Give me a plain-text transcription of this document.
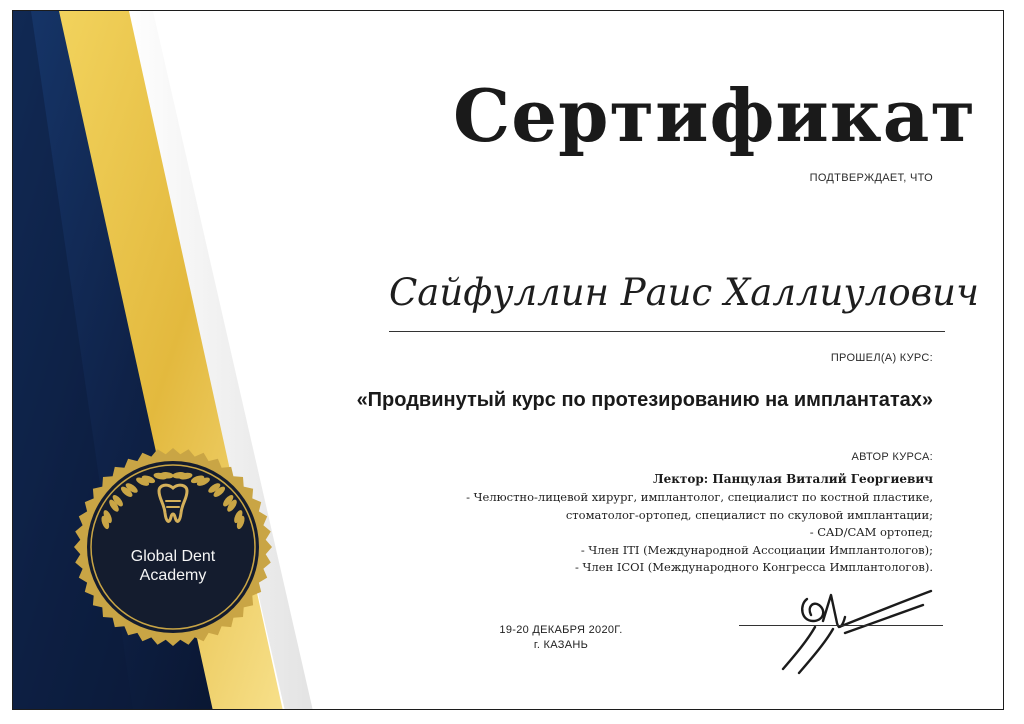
Global Dent
Academy
Сертификат
ПОДТВЕРЖДАЕТ, ЧТО
Сайфуллин Раис Халлиулович
ПРОШЕЛ(А) КУРС:
«Продвинутый курс по протезированию на имплантатах»
АВТОР КУРСА:
Лектор: Панцулая Виталий Георгиевич
- Челюстно-лицевой хирург, имплантолог, специалист по костной пластике,
стоматолог-ортопед, специалист по скуловой имплантации;
- CAD/CAM ортопед;
- Член ITI (Международной Ассоциации Имплантологов);
- Член ICOI (Международного Конгресса Имплантологов).
19-20 ДЕКАБРЯ 2020Г.
г. КАЗАНЬ
